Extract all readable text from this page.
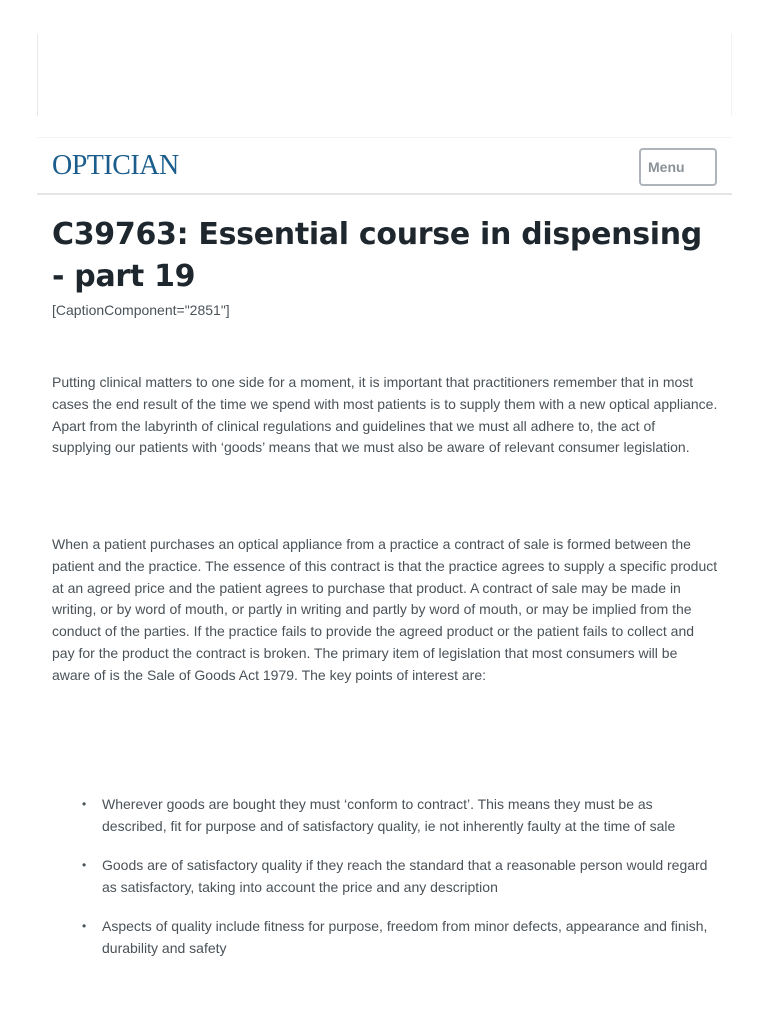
OPTICIAN	Menu
C39763: Essential course in dispensing - part 19

[CaptionComponent="2851"]

Putting clinical matters to one side for a moment, it is important that practitioners remember that in most cases the end result of the time we spend with most patients is to supply them with a new optical appliance. Apart from the labyrinth of clinical regulations and guidelines that we must all adhere to, the act of supplying our patients with ‘goods’ means that we must also be aware of relevant consumer legislation.

When a patient purchases an optical appliance from a practice a contract of sale is formed between the patient and the practice. The essence of this contract is that the practice agrees to supply a specific product at an agreed price and the patient agrees to purchase that product. A contract of sale may be made in writing, or by word of mouth, or partly in writing and partly by word of mouth, or may be implied from the conduct of the parties. If the practice fails to provide the agreed product or the patient fails to collect and pay for the product the contract is broken. The primary item of legislation that most consumers will be aware of is the Sale of Goods Act 1979. The key points of interest are:

• Wherever goods are bought they must ‘conform to contract’. This means they must be as described, fit for purpose and of satisfactory quality, ie not inherently faulty at the time of sale
• Goods are of satisfactory quality if they reach the standard that a reasonable person would regard as satisfactory, taking into account the price and any description
• Aspects of quality include fitness for purpose, freedom from minor defects, appearance and finish, durability and safety
